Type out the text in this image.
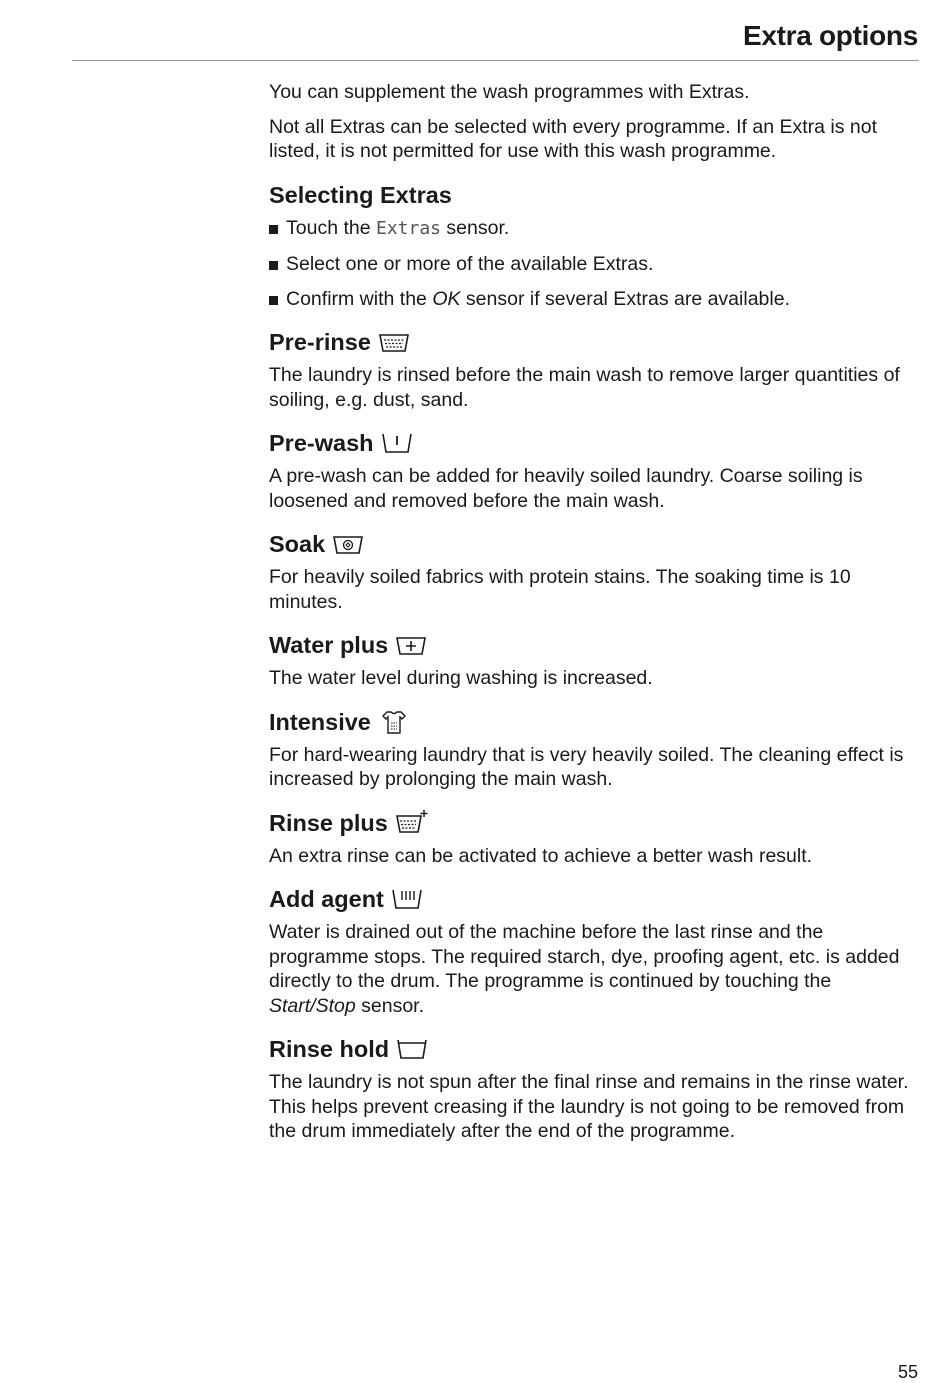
Extra options

You can supplement the wash programmes with Extras.

Not all Extras can be selected with every programme. If an Extra is not listed, it is not permitted for use with this wash programme.

Selecting Extras
Touch the Extras sensor.
Select one or more of the available Extras.
Confirm with the OK sensor if several Extras are available.
Pre-rinse

The laundry is rinsed before the main wash to remove larger quantities of soiling, e.g. dust, sand.

Pre-wash

A pre-wash can be added for heavily soiled laundry. Coarse soiling is loosened and removed before the main wash.

Soak

For heavily soiled fabrics with protein stains. The soaking time is 10 minutes.

Water plus

The water level during washing is increased.

Intensive

For hard-wearing laundry that is very heavily soiled. The cleaning effect is increased by prolonging the main wash.

Rinse plus

An extra rinse can be activated to achieve a better wash result.

Add agent

Water is drained out of the machine before the last rinse and the programme stops. The required starch, dye, proofing agent, etc. is added directly to the drum. The programme is continued by touching the Start/Stop sensor.

Rinse hold

The laundry is not spun after the final rinse and remains in the rinse water. This helps prevent creasing if the laundry is not going to be removed from the drum immediately after the end of the programme.

55
